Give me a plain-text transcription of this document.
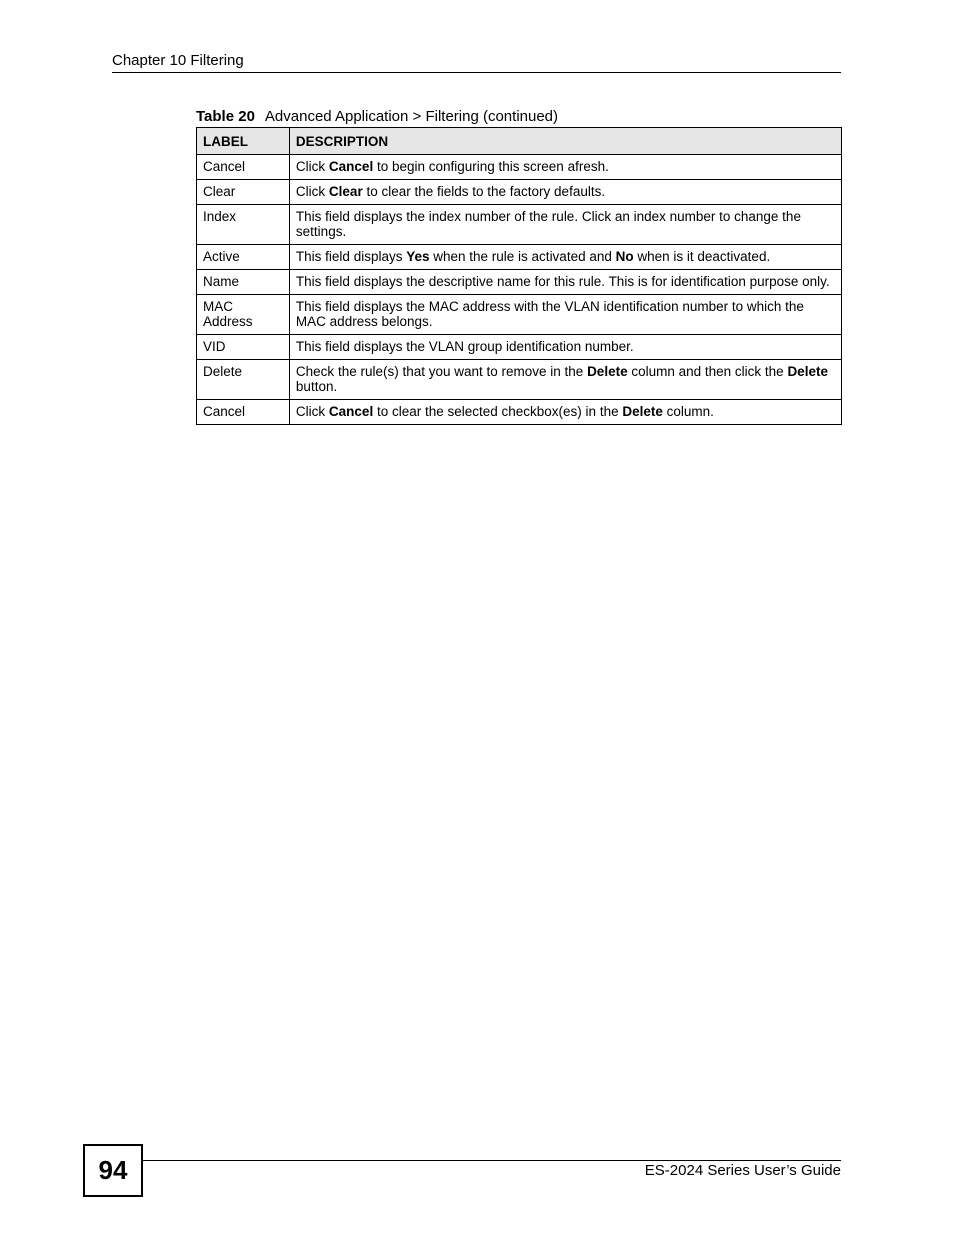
Chapter 10 Filtering
Table 20 Advanced Application > Filtering (continued)
LABEL	DESCRIPTION
Cancel	Click Cancel to begin configuring this screen afresh.
Clear	Click Clear to clear the fields to the factory defaults.
Index	This field displays the index number of the rule. Click an index number to change the settings.
Active	This field displays Yes when the rule is activated and No when is it deactivated.
Name	This field displays the descriptive name for this rule. This is for identification purpose only.
MAC Address	This field displays the MAC address with the VLAN identification number to which the MAC address belongs.
VID	This field displays the VLAN group identification number.
Delete	Check the rule(s) that you want to remove in the Delete column and then click the Delete button.
Cancel	Click Cancel to clear the selected checkbox(es) in the Delete column.
94	ES-2024 Series User’s Guide
